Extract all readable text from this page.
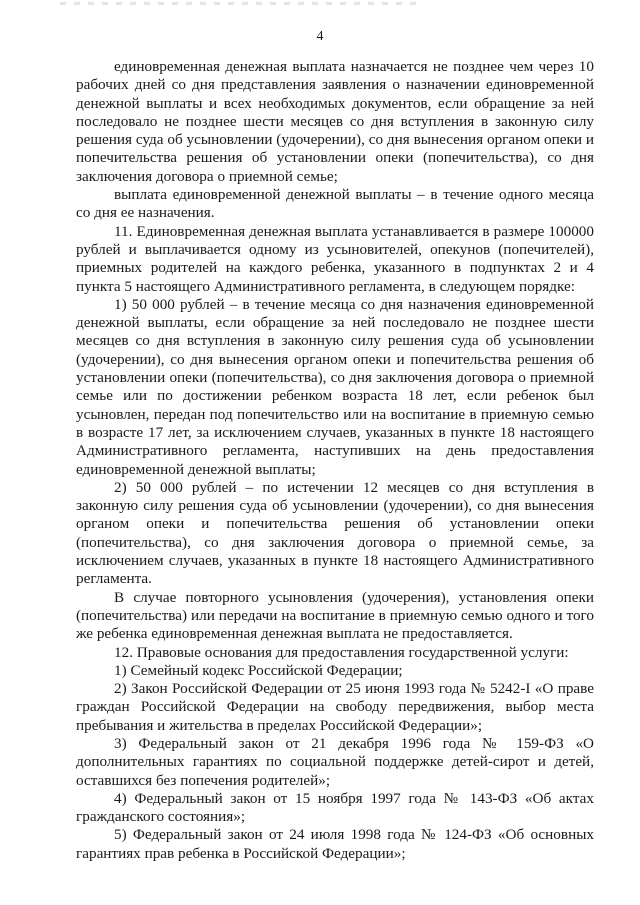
4

единовременная денежная выплата назначается не позднее чем через 10 рабочих дней со дня представления заявления о назначении единовременной денежной выплаты и всех необходимых документов, если обращение за ней последовало не позднее шести месяцев со дня вступления в законную силу решения суда об усыновлении (удочерении), со дня вынесения органом опеки и попечительства решения об установлении опеки (попечительства), со дня заключения договора о приемной семье;

выплата единовременной денежной выплаты – в течение одного месяца со дня ее назначения.

11. Единовременная денежная выплата устанавливается в размере 100000 рублей и выплачивается одному из усыновителей, опекунов (попечителей), приемных родителей на каждого ребенка, указанного в подпунктах 2 и 4 пункта 5 настоящего Административного регламента, в следующем порядке:

1) 50 000 рублей – в течение месяца со дня назначения единовременной денежной выплаты, если обращение за ней последовало не позднее шести месяцев со дня вступления в законную силу решения суда об усыновлении (удочерении), со дня вынесения органом опеки и попечительства решения об установлении опеки (попечительства), со дня заключения договора о приемной семье или по достижении ребенком возраста 18 лет, если ребенок был усыновлен, передан под попечительство или на воспитание в приемную семью в возрасте 17 лет, за исключением случаев, указанных в пункте 18 настоящего Административного регламента, наступивших на день предоставления единовременной денежной выплаты;

2) 50 000 рублей – по истечении 12 месяцев со дня вступления в законную силу решения суда об усыновлении (удочерении), со дня вынесения органом опеки и попечительства решения об установлении опеки (попечительства), со дня заключения договора о приемной семье, за исключением случаев, указанных в пункте 18 настоящего Административного регламента.

В случае повторного усыновления (удочерения), установления опеки (попечительства) или передачи на воспитание в приемную семью одного и того же ребенка единовременная денежная выплата не предоставляется.

12. Правовые основания для предоставления государственной услуги:

1) Семейный кодекс Российской Федерации;

2) Закон Российской Федерации от 25 июня 1993 года № 5242-I «О праве граждан Российской Федерации на свободу передвижения, выбор места пребывания и жительства в пределах Российской Федерации»;

3) Федеральный закон от 21 декабря 1996 года № 159-ФЗ «О дополнительных гарантиях по социальной поддержке детей-сирот и детей, оставшихся без попечения родителей»;

4) Федеральный закон от 15 ноября 1997 года № 143-ФЗ «Об актах гражданского состояния»;

5) Федеральный закон от 24 июля 1998 года № 124-ФЗ «Об основных гарантиях прав ребенка в Российской Федерации»;
